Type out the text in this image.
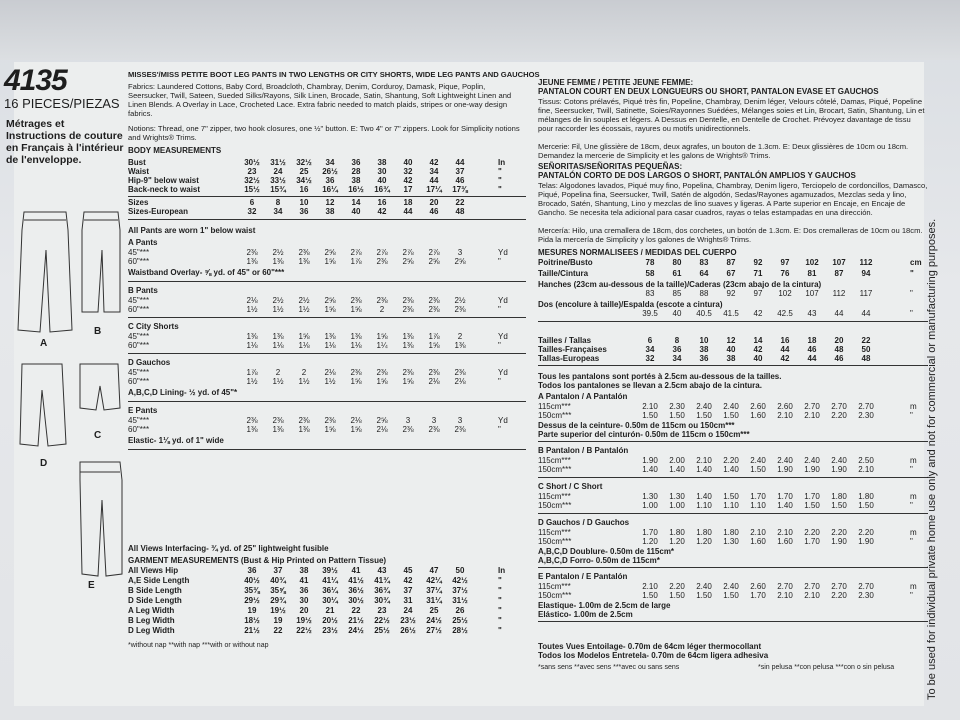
4135
16 PIECES/PIEZAS
Métrages et Instructions de couture en Français à l'intérieur de l'enveloppe.
A
B
C
D
E
MISSES'/MISS PETITE BOOT LEG PANTS IN TWO LENGTHS OR CITY SHORTS, WIDE LEG PANTS AND GAUCHOS
Fabrics: Laundered Cottons, Baby Cord, Broadcloth, Chambray, Denim, Corduroy, Damask, Pique, Poplin, Seersucker, Twill, Sateen, Sueded Silks/Rayons, Silk Linen, Brocade, Satin, Shantung, Soft Lightweight Linen and Linen Blends. A Overlay in Lace, Crocheted Lace. Extra fabric needed to match plaids, stripes or one-way design fabrics.
Notions: Thread, one 7" zipper, two hook closures, one ½" button. E: Two 4" or 7" zippers. Look for Simplicity notions and Wrights® Trims.
BODY MEASUREMENTS
Bust	30½	31½	32½	34	36	38	40	42	44	In
Waist	23	24	25	26½	28	30	32	34	37	"
Hip-9" below waist	32½	33½	34½	36	38	40	42	44	46	"
Back-neck to waist	15½	15¾	16	16¼	16½	16¾	17	17¼	17⅜	"
Sizes	6	8	10	12	14	16	18	20	22
Sizes-European	32	34	36	38	40	42	44	46	48
All Pants are worn 1" below waist
A Pants
45"***	2⅜	2½	2⅜	2⅝	2⅞	2⅞	2⅞	2⅞	3	Yd
60"***	1⅜	1⅜	1⅜	1⅝	1⅞	2⅜	2⅝	2⅝	2⅝	"
Waistband Overlay- ⅝ yd. of 45" or 60"***
B Pants
45"***	2⅛	2½	2½	2⅝	2⅜	2⅜	2⅜	2⅜	2½	Yd
60"***	1½	1½	1½	1⅝	1⅝	2	2⅜	2⅜	2⅜	"
C City Shorts
45"***	1⅜	1⅜	1⅝	1⅜	1⅜	1⅝	1⅜	1⅞	2	Yd
60"***	1⅛	1⅛	1⅛	1⅛	1⅛	1¼	1⅜	1⅝	1⅜	"
D Gauchos
45"***	1⅞	2	2	2⅛	2⅜	2⅜	2⅜	2⅜	2⅜	Yd
60"***	1½	1½	1½	1½	1⅝	1⅝	1⅝	2⅛	2⅛	"
A,B,C,D Lining- ½ yd. of 45"*
E Pants
45"***	2⅜	2⅜	2⅜	2⅜	2⅛	2⅝	3	3	3	Yd
60"***	1⅜	1⅜	1⅜	1⅝	1⅝	2⅛	2⅜	2⅜	2⅜	"
Elastic- 1⅛ yd. of 1" wide
All Views Interfacing- ¾ yd. of 25" lightweight fusible
GARMENT MEASUREMENTS (Bust & Hip Printed on Pattern Tissue)
All Views Hip	36	37	38	39½	41	43	45	47	50	In
A,E Side Length	40½	40¾	41	41¼	41½	41¾	42	42¼	42½	"
B Side Length	35⅜	35⅝	36	36¼	36½	36¾	37	37¼	37½	"
D Side Length	29½	29¾	30	30¼	30½	30¾	31	31¼	31½	"
A Leg Width	19	19½	20	21	22	23	24	25	26	"
B Leg Width	18½	19	19½	20½	21½	22½	23½	24½	25½	"
D Leg Width	21½	22	22½	23½	24½	25½	26½	27½	28½	"
*without nap **with nap ***with or without nap
JEUNE FEMME / PETITE JEUNE FEMME:
PANTALON COURT EN DEUX LONGUEURS OU SHORT, PANTALON EVASE ET GAUCHOS
Tissus: Cotons prélavés, Piqué très fin, Popeline, Chambray, Denim léger, Velours côtelé, Damas, Piqué, Popeline fine, Seersucker, Twill, Satinette, Soies/Rayonnes Suédées, Mélanges soies et Lin, Brocart, Satin, Shantung, Lin et mélanges de lin souples et légers. A Dessus en Dentelle, en Dentelle de Crochet. Prévoyez davantage de tissu pour raccorder les écossais, rayures ou motifs unidirectionnels.
Mercerie: Fil, Une glissière de 18cm, deux agrafes, un bouton de 1.3cm. E: Deux glissières de 10cm ou 18cm. Demandez la mercerie de Simplicity et les galons de Wrights® Trims.
SEÑORITAS/SEÑORITAS PEQUEÑAS:
PANTALÓN CORTO DE DOS LARGOS O SHORT, PANTALÓN AMPLIOS Y GAUCHOS
Telas: Algodones lavados, Piqué muy fino, Popelina, Chambray, Denim ligero, Terciopelo de cordoncillos, Damasco, Piqué, Popelina fina, Seersucker, Twill, Satén de algodón, Sedas/Rayones agamuzados, Mezclas seda y lino, Brocado, Satén, Shantung, Lino y mezclas de lino suaves y ligeras. A Parte superior en Encaje, en Encaje de Gancho. Se necesita tela adicional para casar cuadros, rayas o telas estampadas en una dirección.
Mercería: Hilo, una cremallera de 18cm, dos corchetes, un botón de 1.3cm. E: Dos cremalleras de 10cm ou 18cm. Pida la mercería de Simplicity y los galones de Wrights® Trims.
MESURES NORMALISEES / MEDIDAS DEL CUERPO
Poitrine/Busto	78	80	83	87	92	97	102	107	112	cm
Taille/Cintura	58	61	64	67	71	76	81	87	94	"
Hanches (23cm au-dessous de la taille)/Caderas (23cm abajo de la cintura)
83	85	88	92	97	102	107	112	117	"
Dos (encolure à taille)/Espalda (escote a cintura)
39.5	40	40.5	41.5	42	42.5	43	44	44	"
Tailles / Tallas	6	8	10	12	14	16	18	20	22
Tailles-Françaises	34	36	38	40	42	44	46	48	50
Tallas-Europeas	32	34	36	38	40	42	44	46	48
Tous les pantalons sont portés à 2.5cm au-dessous de la tailles.
Todos los pantalones se llevan a 2.5cm abajo de la cintura.
A Pantalon / A Pantalón
115cm***	2.10	2.30	2.40	2.40	2.60	2.60	2.70	2.70	2.70	m
150cm***	1.50	1.50	1.50	1.50	1.60	2.10	2.10	2.20	2.30	"
Dessus de la ceinture- 0.50m de 115cm ou 150cm***
Parte superior del cinturón- 0.50m de 115cm o 150cm***
B Pantalon / B Pantalón
115cm***	1.90	2.00	2.10	2.20	2.40	2.40	2.40	2.40	2.50	m
150cm***	1.40	1.40	1.40	1.40	1.50	1.90	1.90	1.90	2.10	"
C Short / C Short
115cm***	1.30	1.30	1.40	1.50	1.70	1.70	1.70	1.80	1.80	m
150cm***	1.00	1.00	1.10	1.10	1.10	1.40	1.50	1.50	1.50	"
D Gauchos / D Gauchos
115cm***	1.70	1.80	1.80	1.80	2.10	2.10	2.20	2.20	2.20	m
150cm***	1.20	1.20	1.20	1.30	1.60	1.60	1.70	1.90	1.90	"
A,B,C,D Doublure- 0.50m de 115cm*
A,B,C,D Forro- 0.50m de 115cm*
E Pantalon / E Pantalón
115cm***	2.10	2.20	2.40	2.40	2.60	2.70	2.70	2.70	2.70	m
150cm***	1.50	1.50	1.50	1.50	1.70	2.10	2.10	2.20	2.30	"
Elastique- 1.00m de 2.5cm de large
Elástico- 1.00m de 2.5cm
Toutes Vues Entoilage- 0.70m de 64cm léger thermocollant
Todos los Modelos Entretela- 0.70m de 64cm ligera adhesiva
*sans sens **avec sens ***avec ou sans sens	*sin pelusa **con pelusa ***con o sin pelusa	To be used for individual private home use only and not for commercial or manufacturing purposes.
